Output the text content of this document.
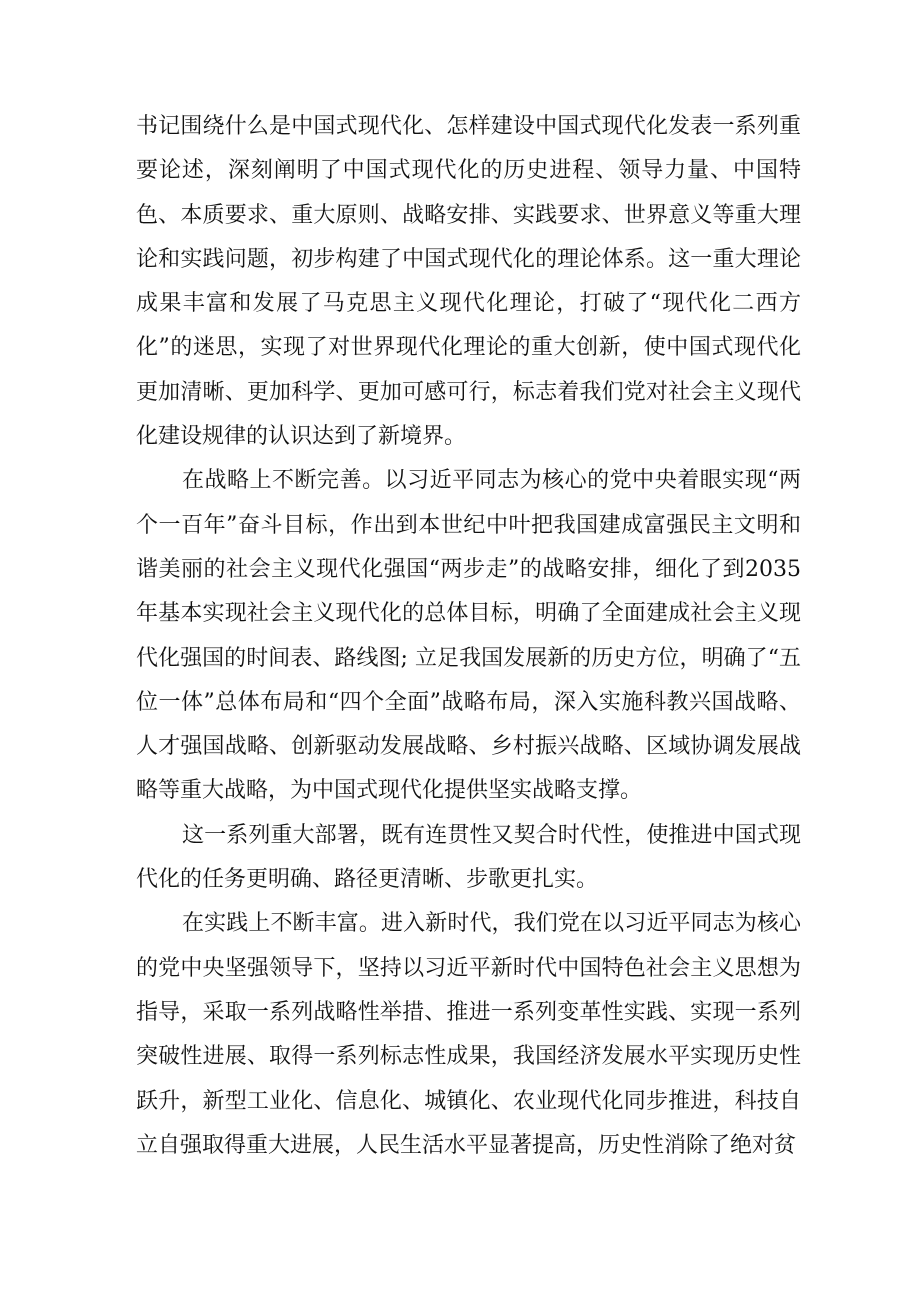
书记围绕什么是中国式现代化、怎样建设中国式现代化发表一系列重要论述，深刻阐明了中国式现代化的历史进程、领导力量、中国特色、本质要求、重大原则、战略安排、实践要求、世界意义等重大理论和实践问题，初步构建了中国式现代化的理论体系。这一重大理论成果丰富和发展了马克思主义现代化理论，打破了“现代化二西方化”的迷思，实现了对世界现代化理论的重大创新，使中国式现代化更加清晰、更加科学、更加可感可行，标志着我们党对社会主义现代化建设规律的认识达到了新境界。

在战略上不断完善。以习近平同志为核心的党中央着眼实现“两个一百年”奋斗目标，作出到本世纪中叶把我国建成富强民主文明和谐美丽的社会主义现代化强国“两步走”的战略安排，细化了到2035年基本实现社会主义现代化的总体目标，明确了全面建成社会主义现代化强国的时间表、路线图; 立足我国发展新的历史方位，明确了“五位一体”总体布局和“四个全面”战略布局，深入实施科教兴国战略、人才强国战略、创新驱动发展战略、乡村振兴战略、区域协调发展战略等重大战略，为中国式现代化提供坚实战略支撑。

这一系列重大部署，既有连贯性又契合时代性，使推进中国式现代化的任务更明确、路径更清晰、步歌更扎实。

在实践上不断丰富。进入新时代，我们党在以习近平同志为核心的党中央坚强领导下，坚持以习近平新时代中国特色社会主义思想为指导，采取一系列战略性举措、推进一系列变革性实践、实现一系列突破性进展、取得一系列标志性成果，我国经济发展水平实现历史性跃升，新型工业化、信息化、城镇化、农业现代化同步推进，科技自立自强取得重大进展，人民生活水平显著提高，历史性消除了绝对贫
